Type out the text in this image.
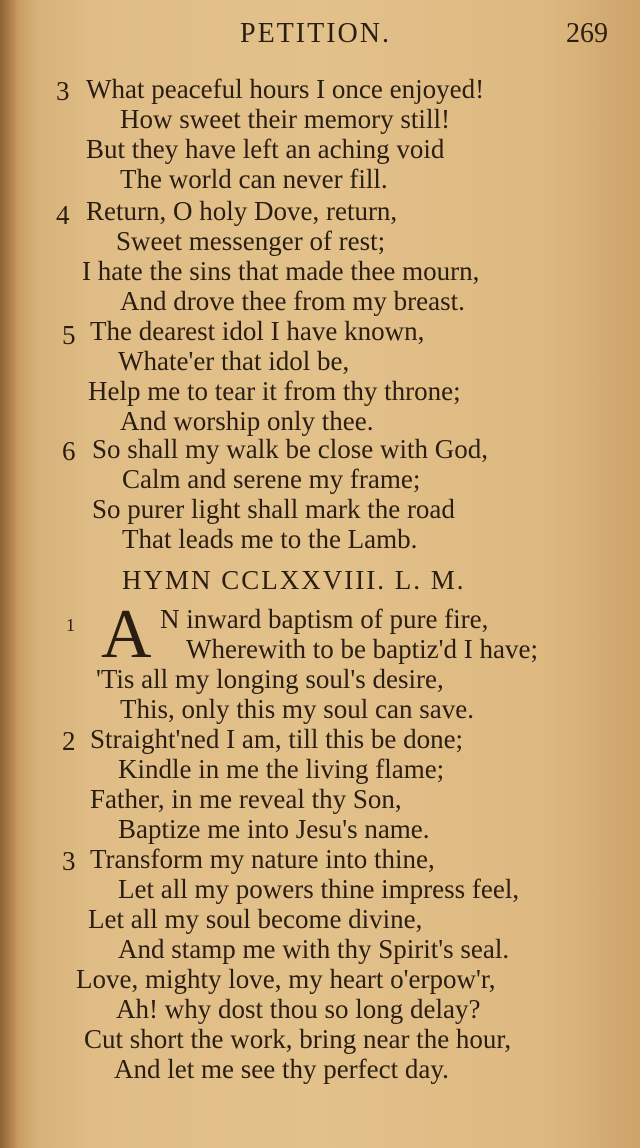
PETITION.	269
3 What peaceful hours I once enjoyed!
How sweet their memory still!
But they have left an aching void
The world can never fill.
4 Return, O holy Dove, return,
Sweet messenger of rest;
I hate the sins that made thee mourn,
And drove thee from my breast.
5 The dearest idol I have known,
Whate'er that idol be,
Help me to tear it from thy throne;
And worship only thee.
6 So shall my walk be close with God,
Calm and serene my frame;
So purer light shall mark the road
That leads me to the Lamb.
HYMN CCLXXVIII. L. M.
1 A N inward baptism of pure fire,
Wherewith to be baptiz'd I have;
'Tis all my longing soul's desire,
This, only this my soul can save.
2 Straight'ned I am, till this be done;
Kindle in me the living flame;
Father, in me reveal thy Son,
Baptize me into Jesu's name.
3 Transform my nature into thine,
Let all my powers thine impress feel,
Let all my soul become divine,
And stamp me with thy Spirit's seal.
Love, mighty love, my heart o'erpow'r,
Ah! why dost thou so long delay?
Cut short the work, bring near the hour,
And let me see thy perfect day.
